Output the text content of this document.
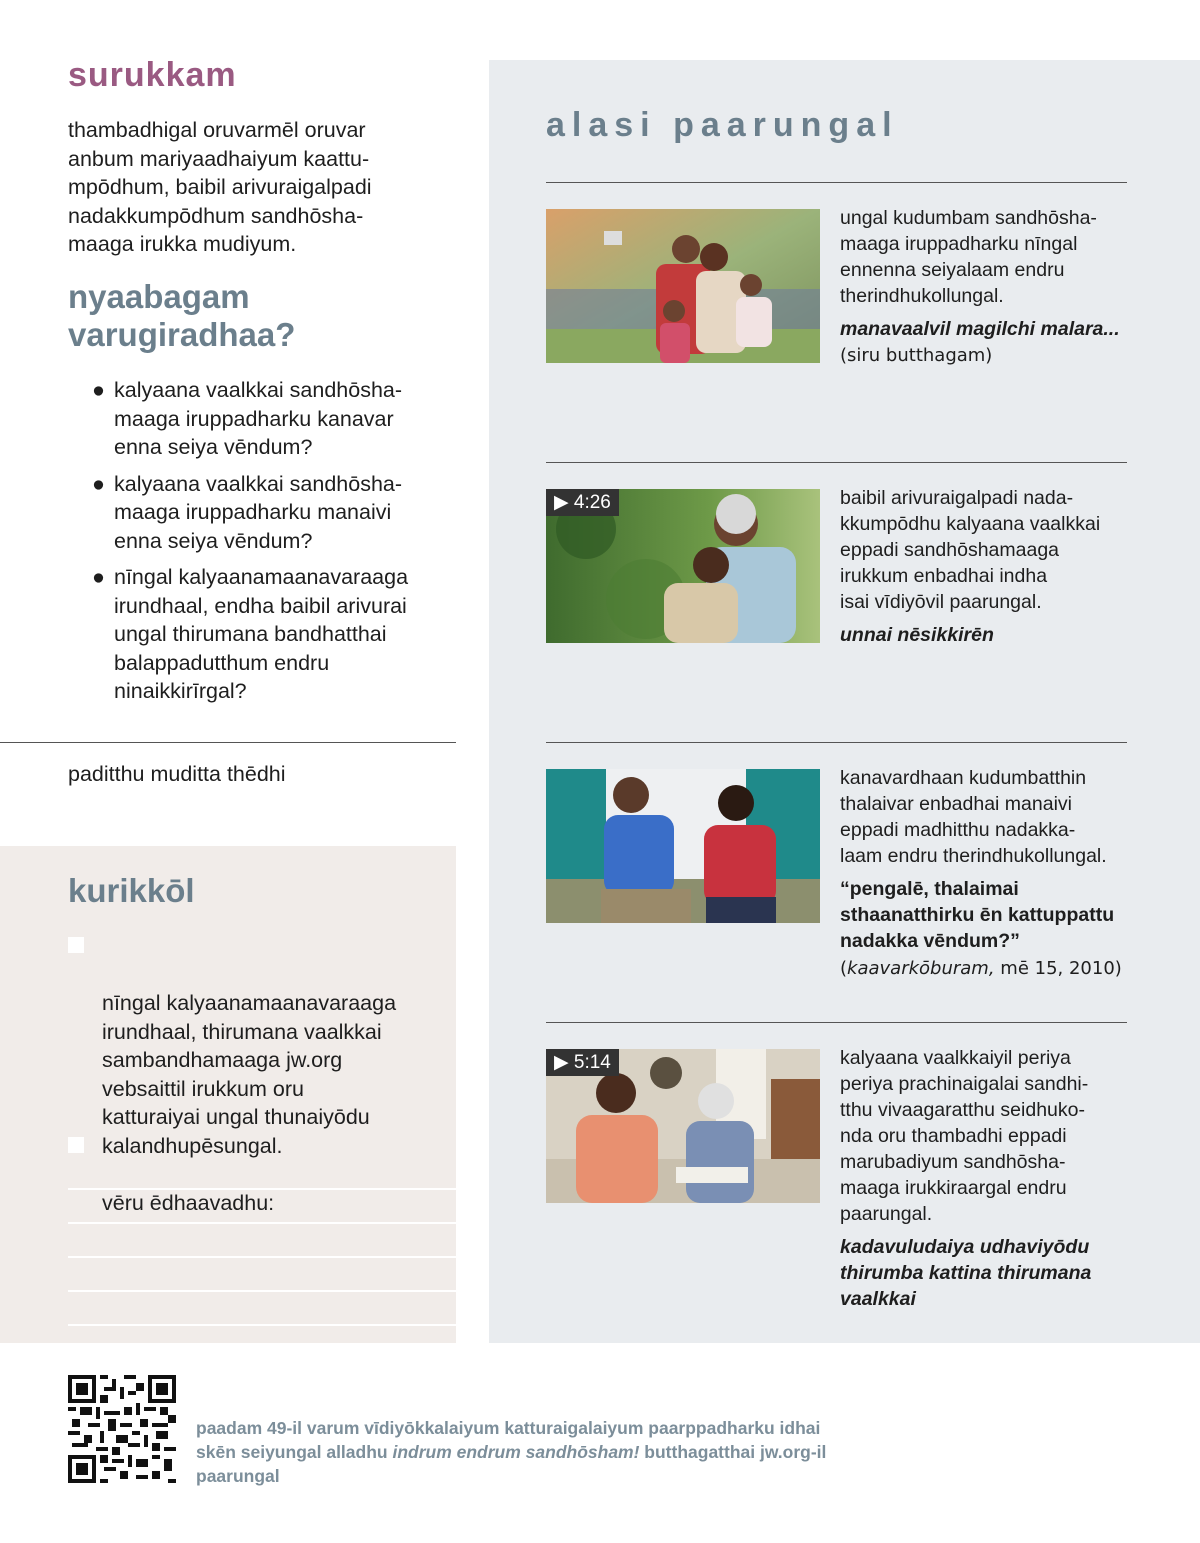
surukkam
thambadhigal oruvarmēl oruvar
anbum mariyaadhaiyum kaattu-
mpōdhum, baibil arivuraigalpadi
nadakkumpōdhum sandhōsha-
maaga irukka mudiyum.
nyaabagam
varugiradhaa?
● kalyaana vaalkkai sandhōsha-
maaga iruppadharku kanavar
enna seiya vēndum?
● kalyaana vaalkkai sandhōsha-
maaga iruppadharku manaivi
enna seiya vēndum?
● nīngal kalyaanamaanavaraaga
irundhaal, endha baibil arivurai
ungal thirumana bandhatthai
balappadutthum endru
ninaikkirīrgal?
paditthu muditta thēdhi
kurikkōl

nīngal kalyaanamaanavaraaga
irundhaal, thirumana vaalkkai
sambandhamaaga jw.org
vebsaittil irukkum oru
katturaiyai ungal thunaiyōdu
kalandhupēsungal.

vēru ēdhaavadhu:

alasi paarungal
ungal kudumbam sandhōsha-
maaga iruppadharku nīngal
ennenna seiyalaam endru
therindhukollungal.
manavaalvil magilchi malara...
(siru butthagam)
▶ 4:26	baibil arivuraigalpadi nada-
kkumpōdhu kalyaana vaalkkai
eppadi sandhōshamaaga
irukkum enbadhai indha
isai vīdiyōvil paarungal.
unnai nēsikkirēn
kanavardhaan kudumbatthin
thalaivar enbadhai manaivi
eppadi madhitthu nadakka-
laam endru therindhukollungal.
“pengalē, thalaimai
sthaanatthirku ēn kattuppattu
nadakka vēndum?”
(kaavarkōburam, mē 15, 2010)
▶ 5:14	kalyaana vaalkkaiyil periya
periya prachinaigalai sandhi-
tthu vivaagaratthu seidhuko-
nda oru thambadhi eppadi
marubadiyum sandhōsha-
maaga irukkiraargal endru
paarungal.
kadavuludaiya udhaviyōdu
thirumba kattina thirumana
vaalkkai
paadam 49-il varum vīdiyōkkalaiyum katturaigalaiyum paarppadharku idhai skēn seiyungal alladhu indrum endrum sandhōsham! butthagatthai jw.org-il paarungal
